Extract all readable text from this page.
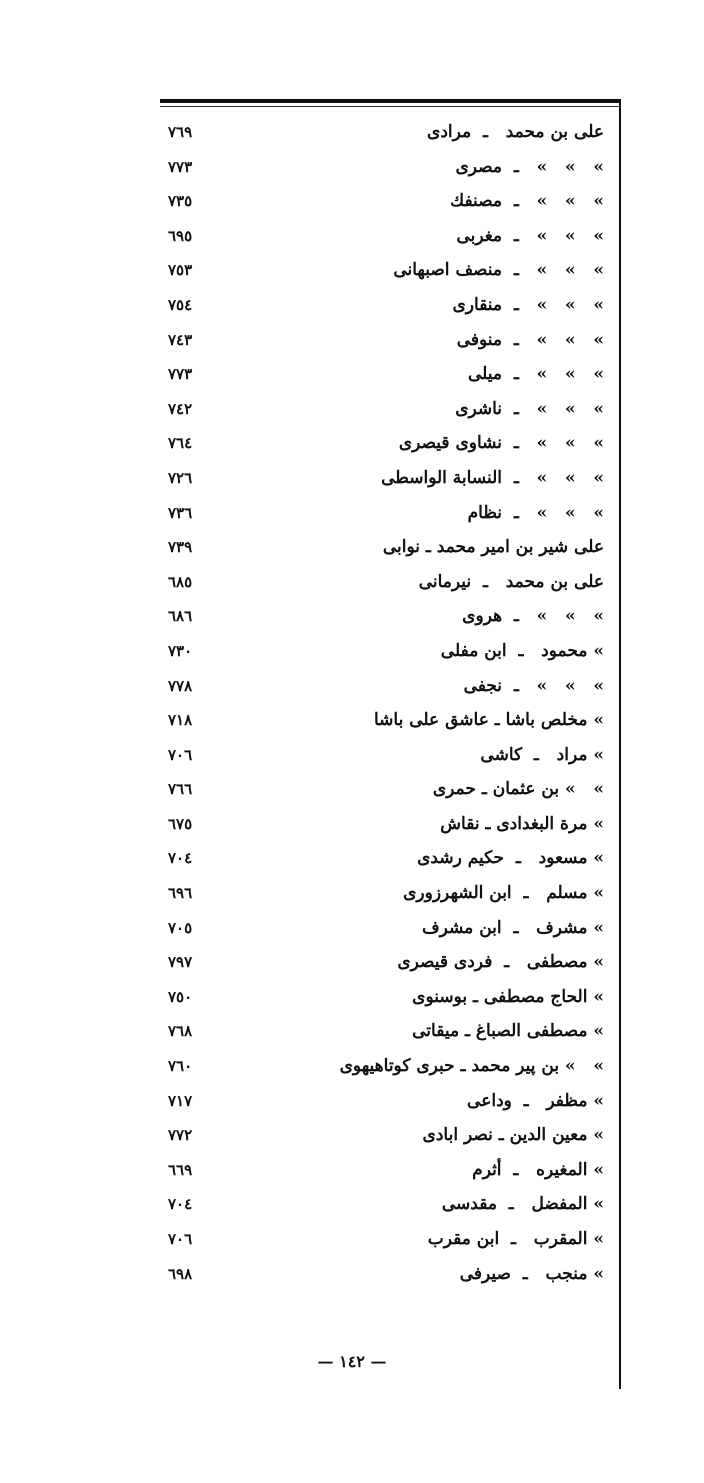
على بن محمد   ـ  مرادى
٧٦٩
»   »   »   ـ  مصرى
٧٧٣
»   »   »   ـ  مصنفك
٧٣٥
»   »   »   ـ  مغربى
٦٩٥
»   »   »   ـ  منصف اصبهانى
٧٥٣
»   »   »   ـ  منقارى
٧٥٤
»   »   »   ـ  منوفى
٧٤٣
»   »   »   ـ  ميلى
٧٧٣
»   »   »   ـ  ناشرى
٧٤٢
»   »   »   ـ  نشاوى قيصرى
٧٦٤
»   »   »   ـ  النسابة الواسطى
٧٢٦
»   »   »   ـ  نظام
٧٣٦
على شير بن امير محمد ـ نوابى
٧٣٩
على بن محمد   ـ  نيرمانى
٦٨٥
»   »   »   ـ  هروى
٦٨٦
» محمود   ـ  ابن مفلى
٧٣٠
»   »   »   ـ  نجفى
٧٧٨
» مخلص باشا ـ عاشق على باشا
٧١٨
» مراد   ـ  كاشى
٧٠٦
»   » بن عثمان ـ حمرى
٧٦٦
» مرة البغدادى ـ نقاش
٦٧٥
» مسعود   ـ  حكيم رشدى
٧٠٤
» مسلم   ـ  ابن الشهرزورى
٦٩٦
» مشرف   ـ  ابن مشرف
٧٠٥
» مصطفى   ـ  فردى قيصرى
٧٩٧
» الحاج مصطفى ـ بوسنوى
٧٥٠
» مصطفى الصباغ ـ ميقاتى
٧٦٨
»   » بن پير محمد ـ حبرى كوتاهيهوى
٧٦٠
» مظفر   ـ  وداعى
٧١٧
» معين الدين ـ نصر ابادى
٧٧٢
» المغيره   ـ  أثرم
٦٦٩
» المفضل   ـ  مقدسى
٧٠٤
» المقرب   ـ  ابن مقرب
٧٠٦
» منجب   ـ  صيرفى
٦٩٨
— ١٤٢ —
